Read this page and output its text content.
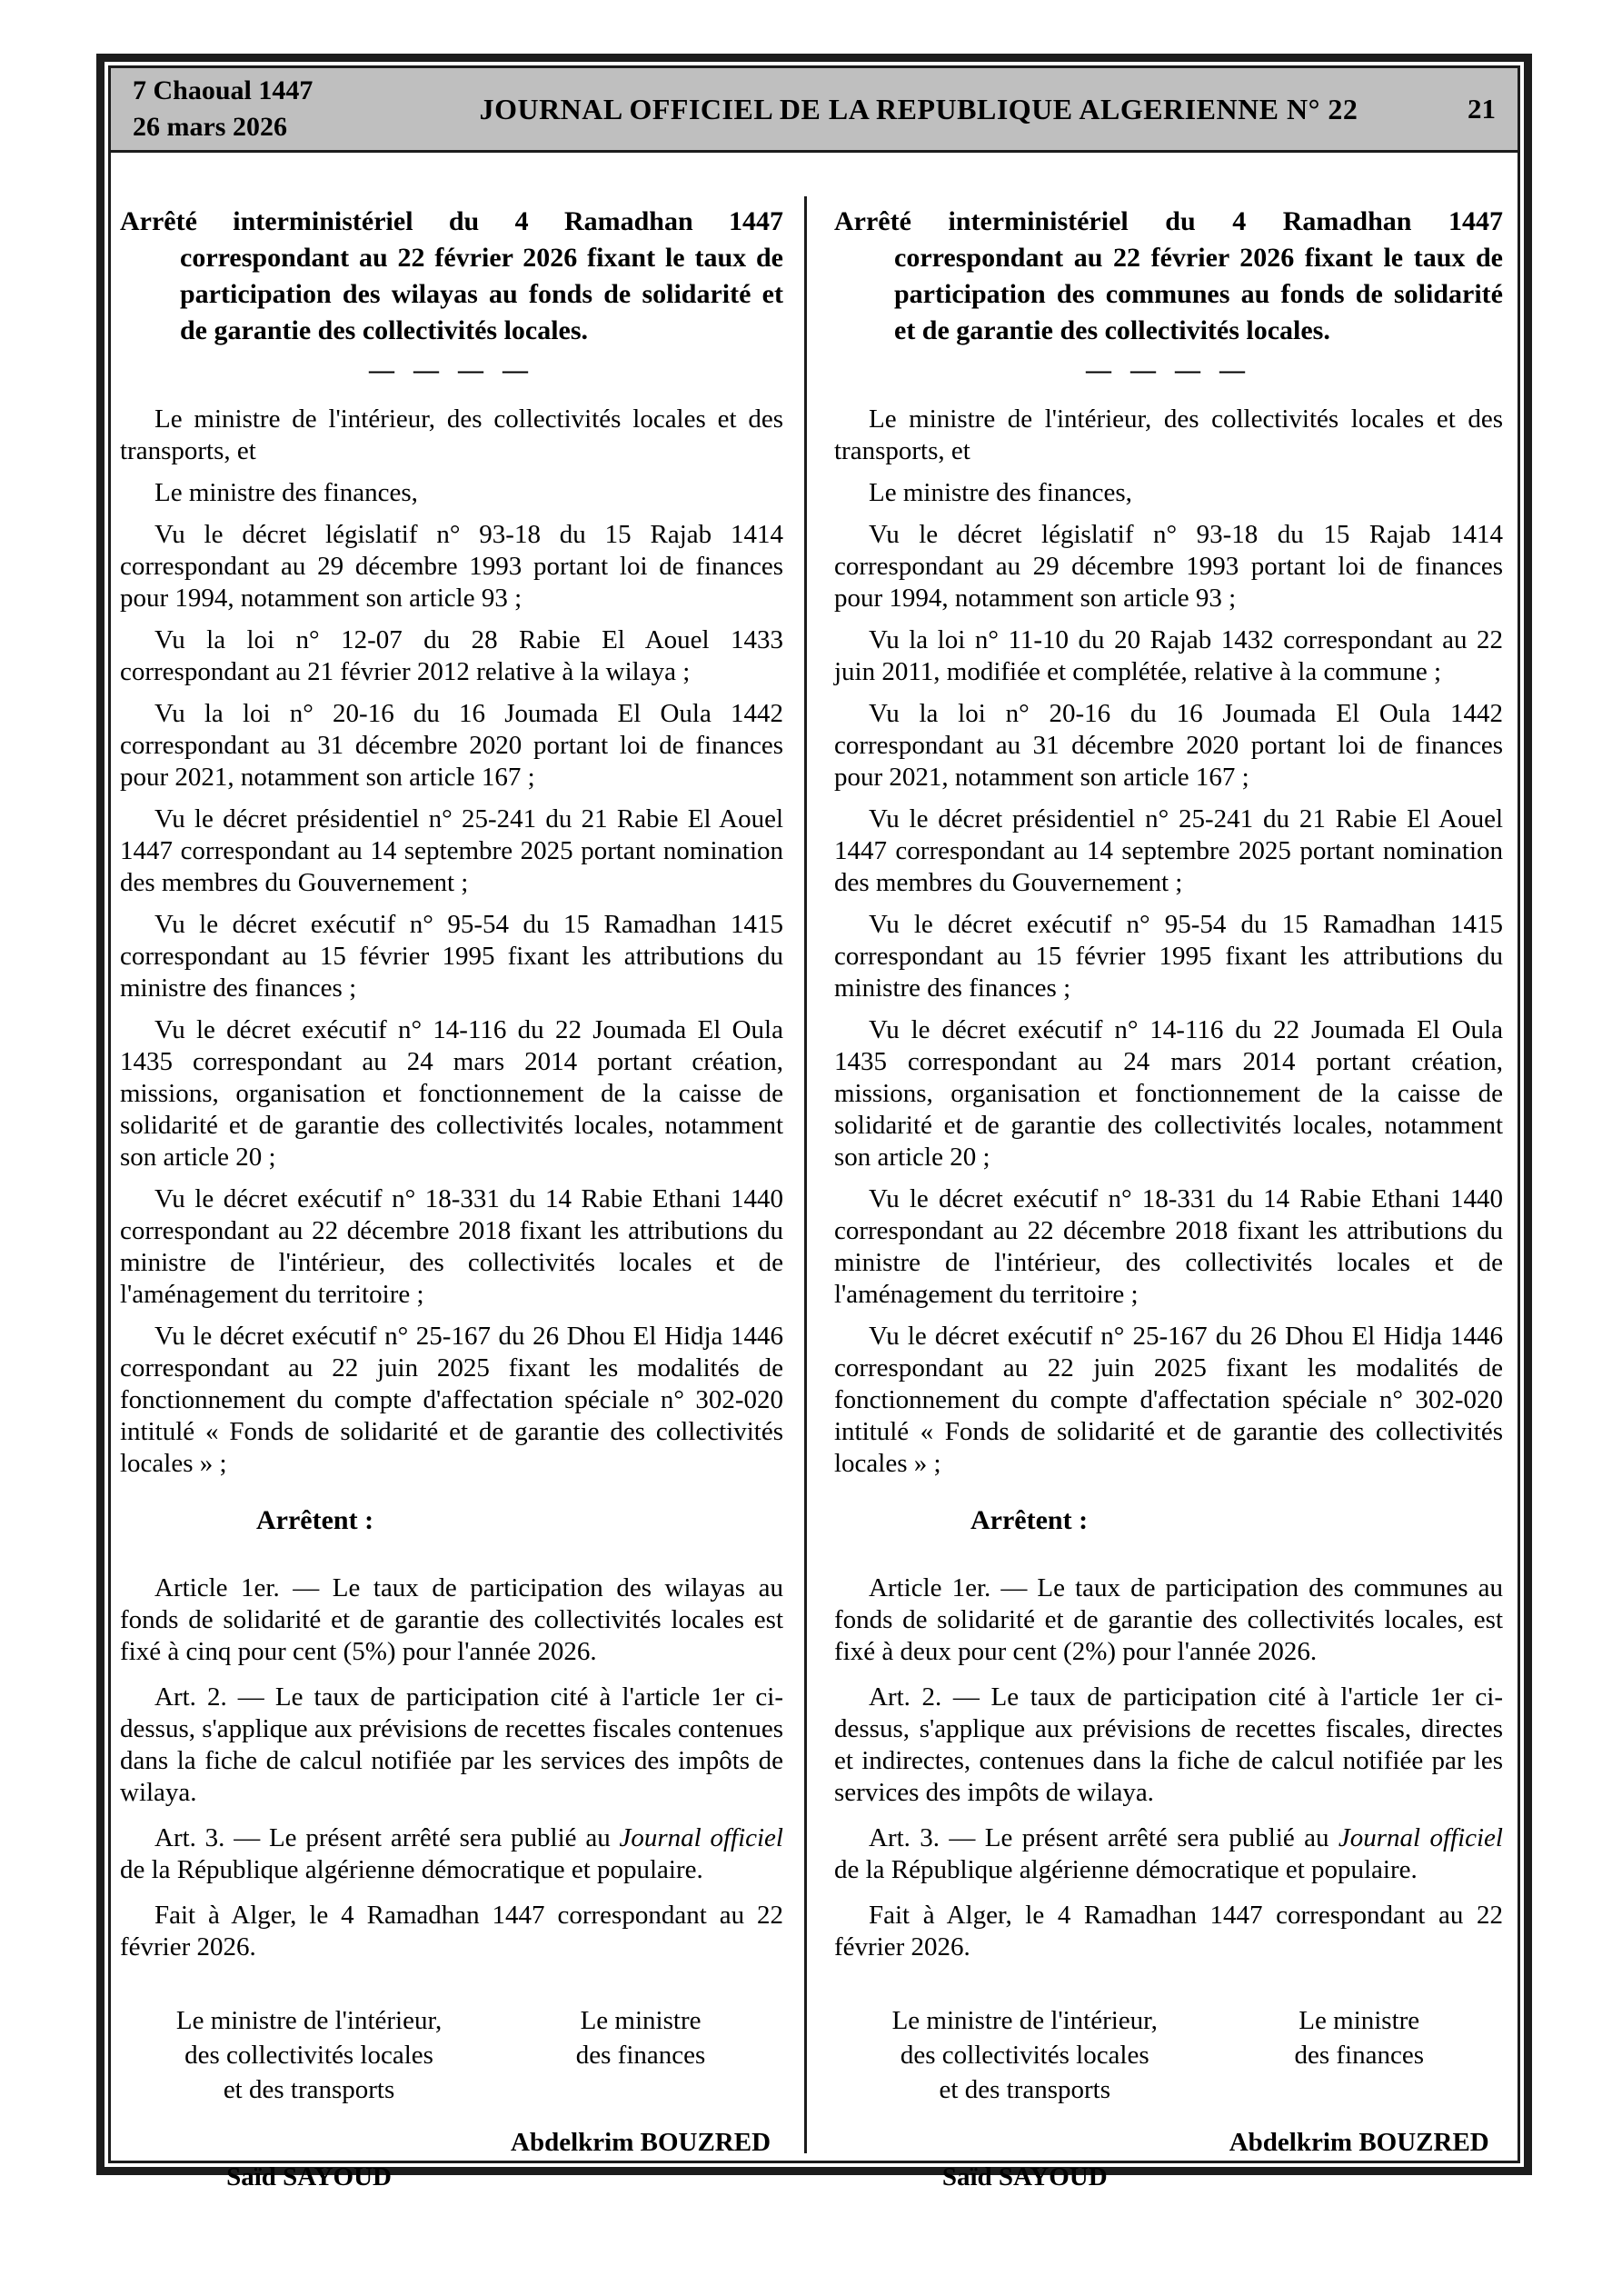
7 Chaoual 1447
26 mars 2026
JOURNAL OFFICIEL DE LA REPUBLIQUE ALGERIENNE N° 22	21
Arrêté interministériel du 4 Ramadhan 1447 correspondant au 22 février 2026 fixant le taux de participation des wilayas au fonds de solidarité et de garantie des collectivités locales.
— — — —

Le ministre de l'intérieur, des collectivités locales et des transports, et

Le ministre des finances,

Vu le décret législatif n° 93-18 du 15 Rajab 1414 correspondant au 29 décembre 1993 portant loi de finances pour 1994, notamment son article 93 ;

Vu la loi n° 12-07 du 28 Rabie El Aouel 1433 correspondant au 21 février 2012 relative à la wilaya ;

Vu la loi n° 20-16 du 16 Joumada El Oula 1442 correspondant au 31 décembre 2020 portant loi de finances pour 2021, notamment son article 167 ;

Vu le décret présidentiel n° 25-241 du 21 Rabie El Aouel 1447 correspondant au 14 septembre 2025 portant nomination des membres du Gouvernement ;

Vu le décret exécutif n° 95-54 du 15 Ramadhan 1415 correspondant au 15 février 1995 fixant les attributions du ministre des finances ;

Vu le décret exécutif n° 14-116 du 22 Joumada El Oula 1435 correspondant au 24 mars 2014 portant création, missions, organisation et fonctionnement de la caisse de solidarité et de garantie des collectivités locales, notamment son article 20 ;

Vu le décret exécutif n° 18-331 du 14 Rabie Ethani 1440 correspondant au 22 décembre 2018 fixant les attributions du ministre de l'intérieur, des collectivités locales et de l'aménagement du territoire ;

Vu le décret exécutif n° 25-167 du 26 Dhou El Hidja 1446 correspondant au 22 juin 2025 fixant les modalités de fonctionnement du compte d'affectation spéciale n° 302-020 intitulé « Fonds de solidarité et de garantie des collectivités locales » ;

Arrêtent :

Article 1er. — Le taux de participation des wilayas au fonds de solidarité et de garantie des collectivités locales est fixé à cinq pour cent (5%) pour l'année 2026.

Art. 2. — Le taux de participation cité à l'article 1er ci-dessus, s'applique aux prévisions de recettes fiscales contenues dans la fiche de calcul notifiée par les services des impôts de wilaya.

Art. 3. — Le présent arrêté sera publié au Journal officiel de la République algérienne démocratique et populaire.

Fait à Alger, le 4 Ramadhan 1447 correspondant au 22 février 2026.

Le ministre de l'intérieur,
des collectivités locales
et des transports
Saïd SAYOUD
Le ministre
des finances
Abdelkrim BOUZRED
Arrêté interministériel du 4 Ramadhan 1447 correspondant au 22 février 2026 fixant le taux de participation des communes au fonds de solidarité et de garantie des collectivités locales.
— — — —

Le ministre de l'intérieur, des collectivités locales et des transports, et

Le ministre des finances,

Vu le décret législatif n° 93-18 du 15 Rajab 1414 correspondant au 29 décembre 1993 portant loi de finances pour 1994, notamment son article 93 ;

Vu la loi n° 11-10 du 20 Rajab 1432 correspondant au 22 juin 2011, modifiée et complétée, relative à la commune ;

Vu la loi n° 20-16 du 16 Joumada El Oula 1442 correspondant au 31 décembre 2020 portant loi de finances pour 2021, notamment son article 167 ;

Vu le décret présidentiel n° 25-241 du 21 Rabie El Aouel 1447 correspondant au 14 septembre 2025 portant nomination des membres du Gouvernement ;

Vu le décret exécutif n° 95-54 du 15 Ramadhan 1415 correspondant au 15 février 1995 fixant les attributions du ministre des finances ;

Vu le décret exécutif n° 14-116 du 22 Joumada El Oula 1435 correspondant au 24 mars 2014 portant création, missions, organisation et fonctionnement de la caisse de solidarité et de garantie des collectivités locales, notamment son article 20 ;

Vu le décret exécutif n° 18-331 du 14 Rabie Ethani 1440 correspondant au 22 décembre 2018 fixant les attributions du ministre de l'intérieur, des collectivités locales et de l'aménagement du territoire ;

Vu le décret exécutif n° 25-167 du 26 Dhou El Hidja 1446 correspondant au 22 juin 2025 fixant les modalités de fonctionnement du compte d'affectation spéciale n° 302-020 intitulé « Fonds de solidarité et de garantie des collectivités locales » ;

Arrêtent :

Article 1er. — Le taux de participation des communes au fonds de solidarité et de garantie des collectivités locales, est fixé à deux pour cent (2%) pour l'année 2026.

Art. 2. — Le taux de participation cité à l'article 1er ci-dessus, s'applique aux prévisions de recettes fiscales, directes et indirectes, contenues dans la fiche de calcul notifiée par les services des impôts de wilaya.

Art. 3. — Le présent arrêté sera publié au Journal officiel de la République algérienne démocratique et populaire.

Fait à Alger, le 4 Ramadhan 1447 correspondant au 22 février 2026.

Le ministre de l'intérieur,
des collectivités locales
et des transports
Saïd SAYOUD
Le ministre
des finances
Abdelkrim BOUZRED
